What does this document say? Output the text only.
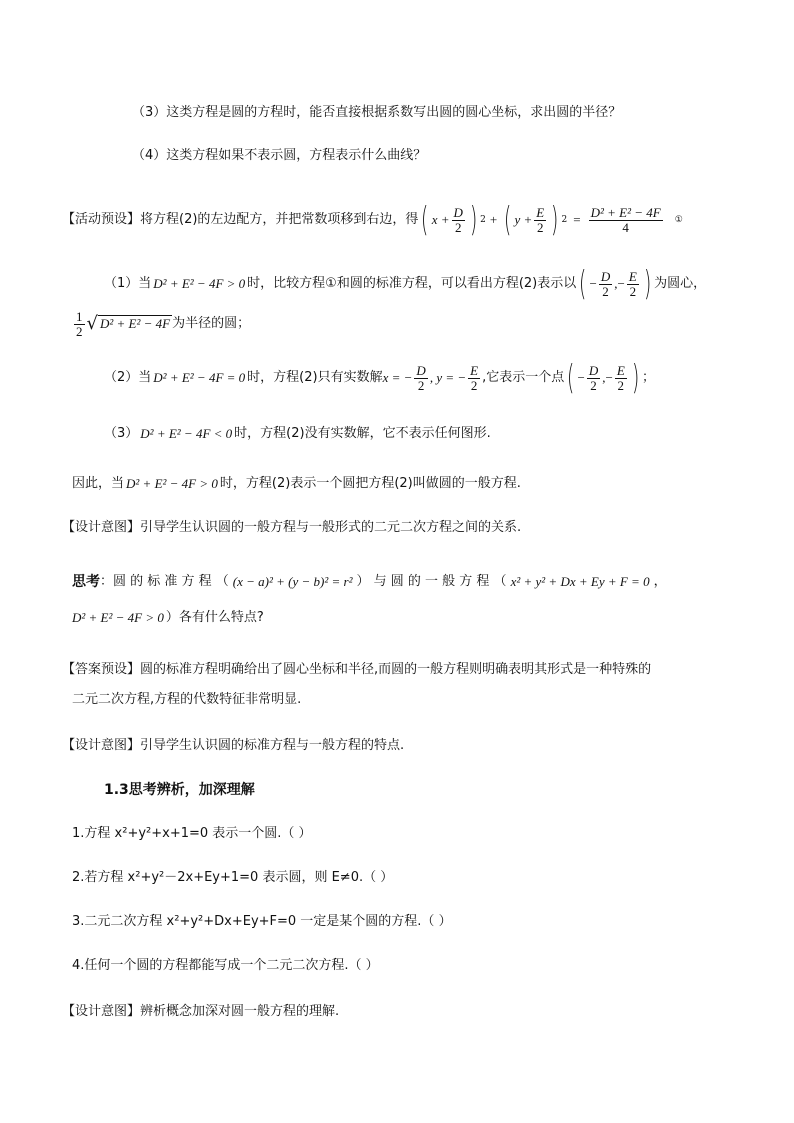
（3）这类方程是圆的方程时，能否直接根据系数写出圆的圆心坐标，求出圆的半径？
（4）这类方程如果不表示圆，方程表示什么曲线？
【活动预设】 将方程(2)的左边配方，并把常数项移到右边，得 ( $x + \frac{D}{2}$ ) 2 + ( $y + \frac{E}{2}$ ) $2 = \frac{\text{D² + E² − 4F}}{4}$ ①
（1）当 D² + E² − 4F > 0 时，比较方程①和圆的标准方程，可以看出方程(2)表示以 ( − $\frac{D}{2}$ ,− $\frac{E}{2}$ ) 为圆心，
$\frac{1}{2}$ √ D² + E² − 4F 为半径的圆；
（2）当 D² + E² − 4F = 0 时，方程(2)只有实数解 x = − $\frac{D}{2}$ , y = − $\frac{E}{2}$ ,它表示一个点 ( − $\frac{D}{2}$ ,− $\frac{E}{2}$ ) ；
（3） D² + E² − 4F < 0 时，方程(2)没有实数解，它不表示任何图形.
因此，当 D² + E² − 4F > 0 时，方程(2)表示一个圆把方程(2)叫做圆的一般方程.
【设计意图】引导学生认识圆的一般方程与一般形式的二元二次方程之间的关系.
思考 ：圆 的 标 准 方 程 （ (x − a)² + (y − b)² = r² ） 与 圆 的 一 般 方 程 （ x² + y² + Dx + Ey + F = 0 ，
D² + E² − 4F > 0 ）各有什么特点?
【答案预设】圆的标准方程明确给出了圆心坐标和半径,而圆的一般方程则明确表明其形式是一种特殊的
二元二次方程,方程的代数特征非常明显.
【设计意图】引导学生认识圆的标准方程与一般方程的特点.
1.3思考辨析，加深理解
1.方程 x²+y²+x+1=0 表示一个圆.（ ）
2.若方程 x²+y²－2x+Ey+1=0 表示圆，则 E≠0.（ ）
3.二元二次方程 x²+y²+Dx+Ey+F=0 一定是某个圆的方程.（ ）
4.任何一个圆的方程都能写成一个二元二次方程.（ ）
【设计意图】辨析概念加深对圆一般方程的理解.
